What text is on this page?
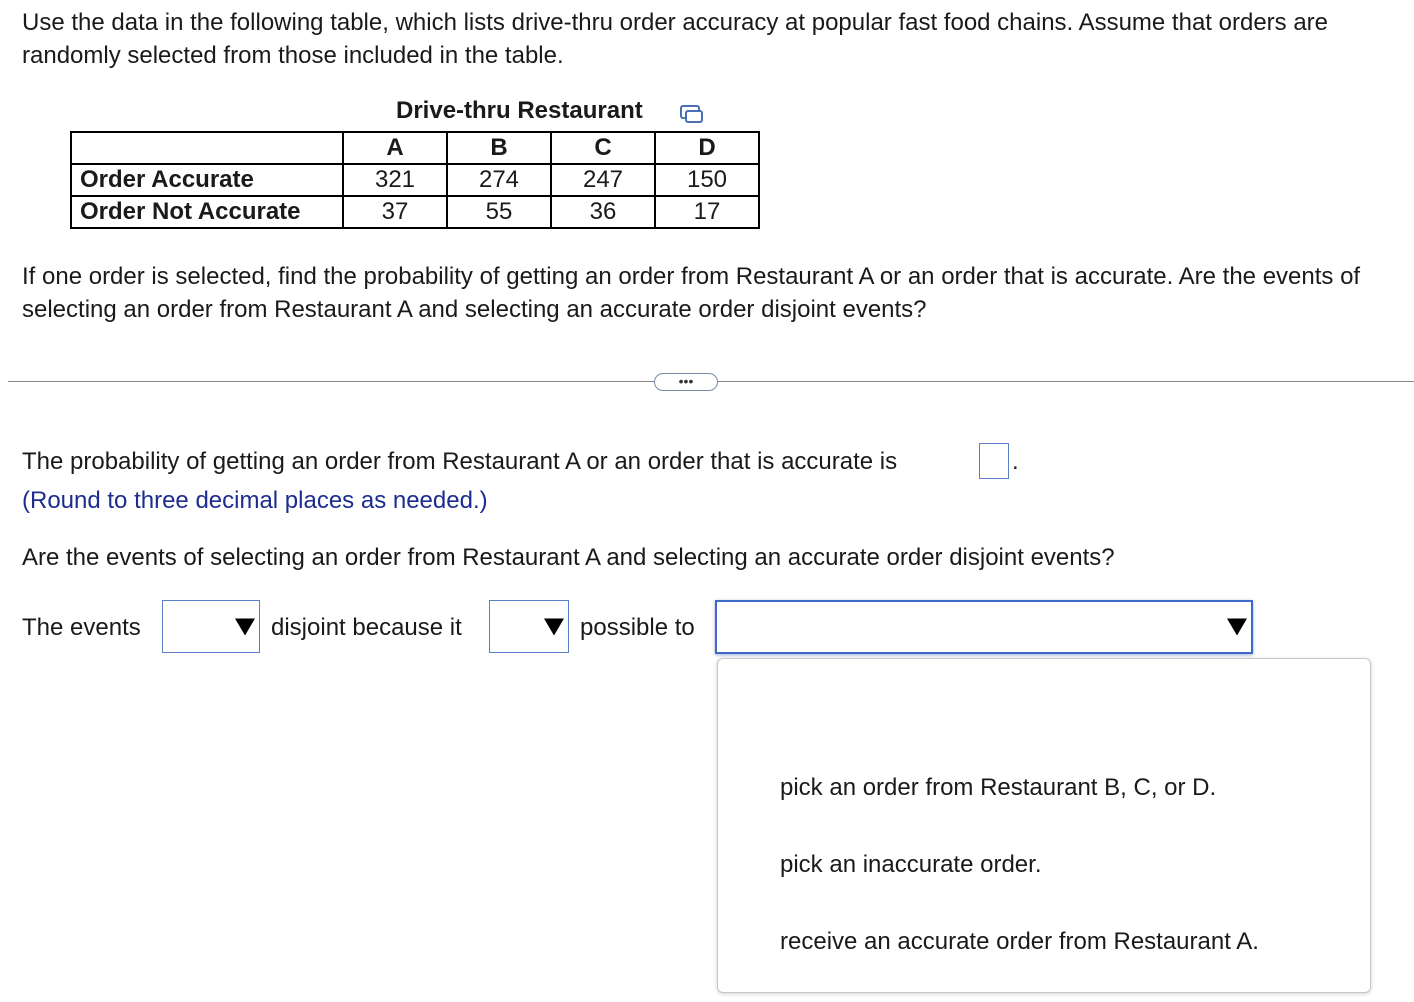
Use the data in the following table, which lists drive-thru order accuracy at popular fast food chains. Assume that orders are randomly selected from those included in the table.
Drive-thru Restaurant
	A	B	C	D
Order Accurate	321	274	247	150
Order Not Accurate	37	55	36	17
If one order is selected, find the probability of getting an order from Restaurant A or an order that is accurate. Are the events of selecting an order from Restaurant A and selecting an accurate order disjoint events?
•••
The probability of getting an order from Restaurant A or an order that is accurate is	.
(Round to three decimal places as needed.)
Are the events of selecting an order from Restaurant A and selecting an accurate order disjoint events?
The events	disjoint because it	possible to
pick an order from Restaurant B, C, or D.
pick an inaccurate order.
receive an accurate order from Restaurant A.
